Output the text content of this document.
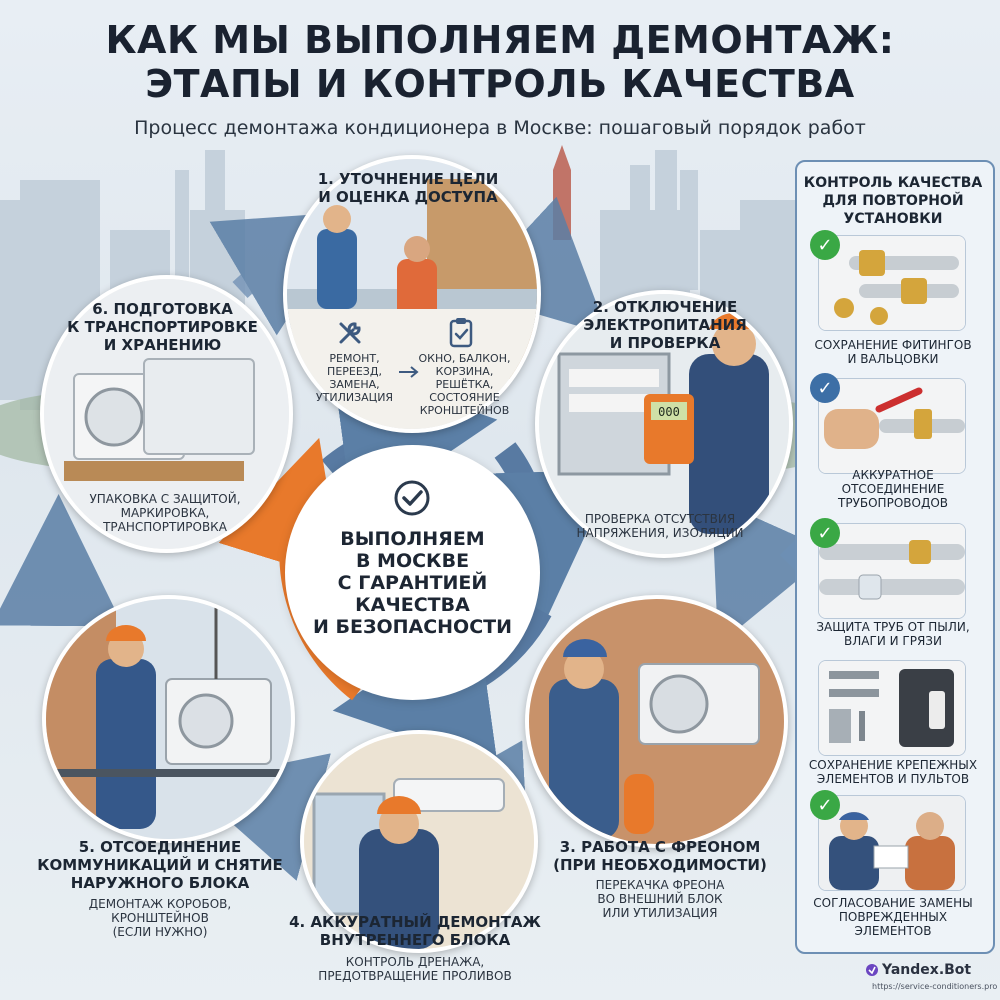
КАК МЫ ВЫПОЛНЯЕМ ДЕМОНТАЖ:
ЭТАПЫ И КОНТРОЛЬ КАЧЕСТВА
Процесс демонтажа кондиционера в Москве: пошаговый порядок работ
ВЫПОЛНЯЕМ
В МОСКВЕ
С ГАРАНТИЕЙ
КАЧЕСТВА
И БЕЗОПАСНОСТИ
1. УТОЧНЕНИЕ ЦЕЛИ
И ОЦЕНКА ДОСТУПА
РЕМОНТ,
ПЕРЕЕЗД,
ЗАМЕНА,
УТИЛИЗАЦИЯ
ОКНО, БАЛКОН,
КОРЗИНА,
РЕШЁТКА,
СОСТОЯНИЕ
КРОНШТЕЙНОВ	000
2. ОТКЛЮЧЕНИЕ
ЭЛЕКТРОПИТАНИЯ
И ПРОВЕРКА
ПРОВЕРКА ОТСУТСТВИЯ
НАПРЯЖЕНИЯ, ИЗОЛЯЦИИ
3. РАБОТА С ФРЕОНОМ
(ПРИ НЕОБХОДИМОСТИ)
ПЕРЕКАЧКА ФРЕОНА
ВО ВНЕШНИЙ БЛОК
ИЛИ УТИЛИЗАЦИЯ
4. АККУРАТНЫЙ ДЕМОНТАЖ
ВНУТРЕННЕГО БЛОКА
КОНТРОЛЬ ДРЕНАЖА,
ПРЕДОТВРАЩЕНИЕ ПРОЛИВОВ
5. ОТСОЕДИНЕНИЕ
КОММУНИКАЦИЙ И СНЯТИЕ
НАРУЖНОГО БЛОКА
ДЕМОНТАЖ КОРОБОВ,
КРОНШТЕЙНОВ
(ЕСЛИ НУЖНО)
6. ПОДГОТОВКА
К ТРАНСПОРТИРОВКЕ
И ХРАНЕНИЮ
УПАКОВКА С ЗАЩИТОЙ,
МАРКИРОВКА,
ТРАНСПОРТИРОВКА
КОНТРОЛЬ КАЧЕСТВА
ДЛЯ ПОВТОРНОЙ
УСТАНОВКИ
✓
СОХРАНЕНИЕ ФИТИНГОВ
И ВАЛЬЦОВКИ
✓
АККУРАТНОЕ
ОТСОЕДИНЕНИЕ
ТРУБОПРОВОДОВ
✓
ЗАЩИТА ТРУБ ОТ ПЫЛИ,
ВЛАГИ И ГРЯЗИ
СОХРАНЕНИЕ КРЕПЕЖНЫХ
ЭЛЕМЕНТОВ И ПУЛЬТОВ
✓
СОГЛАСОВАНИЕ ЗАМЕНЫ
ПОВРЕЖДЕННЫХ
ЭЛЕМЕНТОВ
Yandex.Bot
https://service-conditioners.pro
